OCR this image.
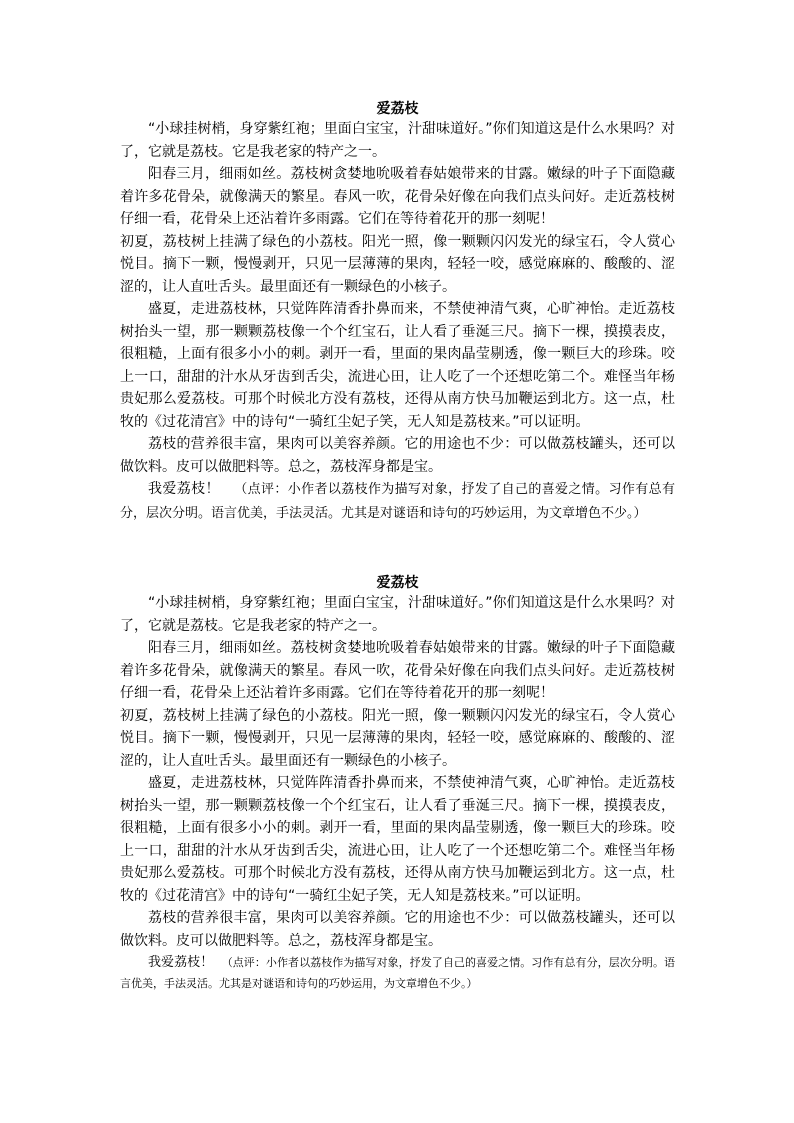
爱荔枝

“小球挂树梢，身穿紫红袍；里面白宝宝，汁甜味道好。”你们知道这是什么水果吗？对了，它就是荔枝。它是我老家的特产之一。

阳春三月，细雨如丝。荔枝树贪婪地吮吸着春姑娘带来的甘露。嫩绿的叶子下面隐藏着许多花骨朵，就像满天的繁星。春风一吹，花骨朵好像在向我们点头问好。走近荔枝树仔细一看，花骨朵上还沾着许多雨露。它们在等待着花开的那一刻呢！

初夏，荔枝树上挂满了绿色的小荔枝。阳光一照，像一颗颗闪闪发光的绿宝石，令人赏心悦目。摘下一颗，慢慢剥开，只见一层薄薄的果肉，轻轻一咬，感觉麻麻的、酸酸的、涩涩的，让人直吐舌头。最里面还有一颗绿色的小核子。

盛夏，走进荔枝林，只觉阵阵清香扑鼻而来，不禁使神清气爽，心旷神怡。走近荔枝树抬头一望，那一颗颗荔枝像一个个红宝石，让人看了垂涎三尺。摘下一棵，摸摸表皮，很粗糙，上面有很多小小的刺。剥开一看，里面的果肉晶莹剔透，像一颗巨大的珍珠。咬上一口，甜甜的汁水从牙齿到舌尖，流进心田，让人吃了一个还想吃第二个。难怪当年杨贵妃那么爱荔枝。可那个时候北方没有荔枝，还得从南方快马加鞭运到北方。这一点，杜牧的《过花清宫》中的诗句“一骑红尘妃子笑，无人知是荔枝来。”可以证明。

荔枝的营养很丰富，果肉可以美容养颜。它的用途也不少：可以做荔枝罐头，还可以做饮料。皮可以做肥料等。总之，荔枝浑身都是宝。

我爱荔枝！ （点评：小作者以荔枝作为描写对象，抒发了自己的喜爱之情。习作有总有分，层次分明。语言优美，手法灵活。尤其是对谜语和诗句的巧妙运用，为文章增色不少。）

爱荔枝

“小球挂树梢，身穿紫红袍；里面白宝宝，汁甜味道好。”你们知道这是什么水果吗？对了，它就是荔枝。它是我老家的特产之一。

阳春三月，细雨如丝。荔枝树贪婪地吮吸着春姑娘带来的甘露。嫩绿的叶子下面隐藏着许多花骨朵，就像满天的繁星。春风一吹，花骨朵好像在向我们点头问好。走近荔枝树仔细一看，花骨朵上还沾着许多雨露。它们在等待着花开的那一刻呢！

初夏，荔枝树上挂满了绿色的小荔枝。阳光一照，像一颗颗闪闪发光的绿宝石，令人赏心悦目。摘下一颗，慢慢剥开，只见一层薄薄的果肉，轻轻一咬，感觉麻麻的、酸酸的、涩涩的，让人直吐舌头。最里面还有一颗绿色的小核子。

盛夏，走进荔枝林，只觉阵阵清香扑鼻而来，不禁使神清气爽，心旷神怡。走近荔枝树抬头一望，那一颗颗荔枝像一个个红宝石，让人看了垂涎三尺。摘下一棵，摸摸表皮，很粗糙，上面有很多小小的刺。剥开一看，里面的果肉晶莹剔透，像一颗巨大的珍珠。咬上一口，甜甜的汁水从牙齿到舌尖，流进心田，让人吃了一个还想吃第二个。难怪当年杨贵妃那么爱荔枝。可那个时候北方没有荔枝，还得从南方快马加鞭运到北方。这一点，杜牧的《过花清宫》中的诗句“一骑红尘妃子笑，无人知是荔枝来。”可以证明。

荔枝的营养很丰富，果肉可以美容养颜。它的用途也不少：可以做荔枝罐头，还可以做饮料。皮可以做肥料等。总之，荔枝浑身都是宝。

我爱荔枝！ （点评：小作者以荔枝作为描写对象，抒发了自己的喜爱之情。习作有总有分，层次分明。语言优美，手法灵活。尤其是对谜语和诗句的巧妙运用，为文章增色不少。）
